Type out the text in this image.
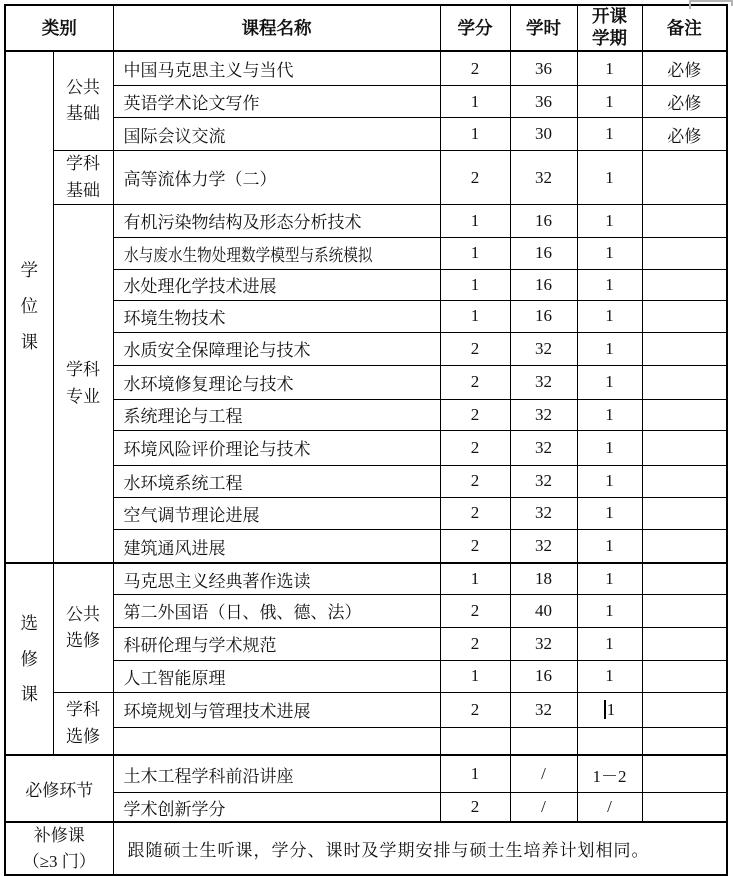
类别		课程名称	学分	学时	开课学期	备注
学位课	公共基础	中国马克思主义与当代	2	36	1	必修
		英语学术论文写作	1	36	1	必修
		国际会议交流	1	30	1	必修
	学科基础	高等流体力学（二）	2	32	1	
	学科专业	有机污染物结构及形态分析技术	1	16	1	
		水与废水生物处理数学模型与系统模拟	1	16	1	
		水处理化学技术进展	1	16	1	
		环境生物技术	1	16	1	
		水质安全保障理论与技术	2	32	1	
		水环境修复理论与技术	2	32	1	
		系统理论与工程	2	32	1	
		环境风险评价理论与技术	2	32	1	
		水环境系统工程	2	32	1	
		空气调节理论进展	2	32	1	
		建筑通风进展	2	32	1	
选修课	公共选修	马克思主义经典著作选读	1	18	1	
		第二外国语（日、俄、德、法）	2	40	1	
		科研伦理与学术规范	2	32	1	
		人工智能原理	1	16	1	
	学科选修	环境规划与管理技术进展	2	32	1	

必修环节		土木工程学科前沿讲座	1	/	1－2	
		学术创新学分	2	/	/	

补修课
（≥3 门）		跟随硕士生听课，学分、课时及学期安排与硕士生培养计划相同。				
